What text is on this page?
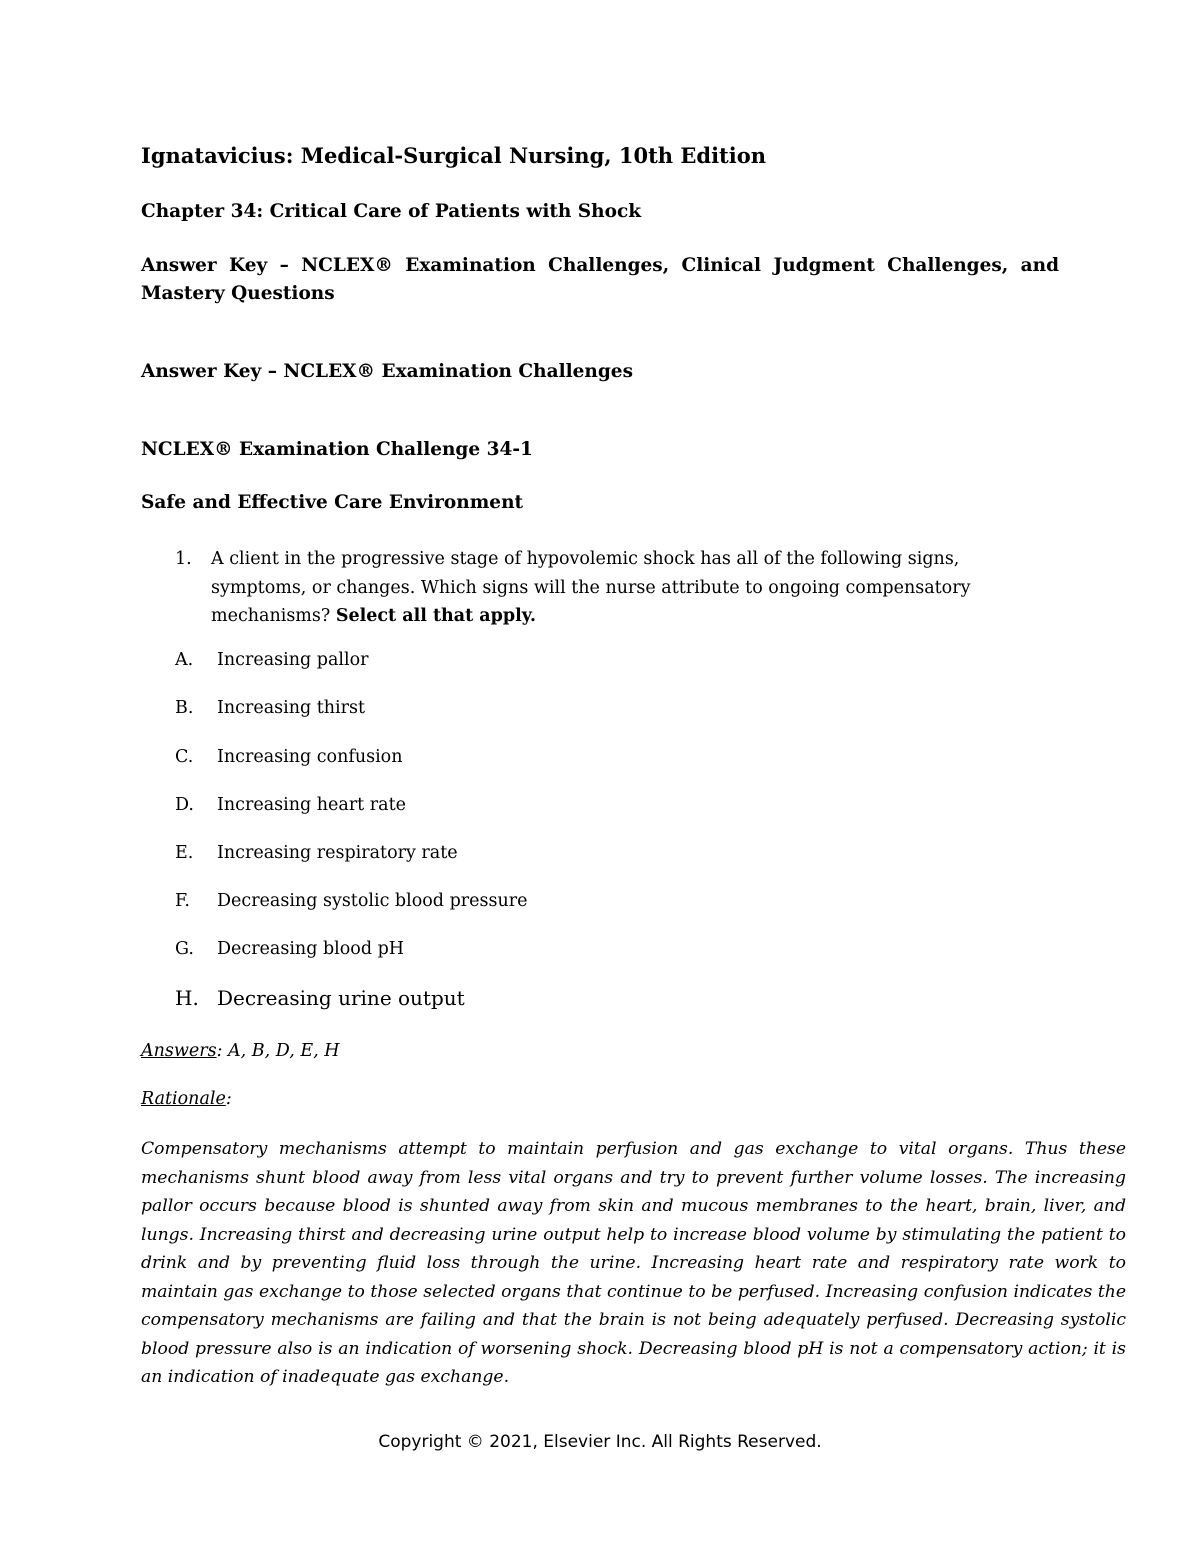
Ignatavicius: Medical-Surgical Nursing, 10th Edition
Chapter 34: Critical Care of Patients with Shock
Answer Key – NCLEX® Examination Challenges, Clinical Judgment Challenges, and Mastery Questions
Answer Key – NCLEX® Examination Challenges
NCLEX® Examination Challenge 34-1
Safe and Effective Care Environment
1. A client in the progressive stage of hypovolemic shock has all of the following signs, symptoms, or changes. Which signs will the nurse attribute to ongoing compensatory mechanisms? Select all that apply.
A. Increasing pallor
B. Increasing thirst
C. Increasing confusion
D. Increasing heart rate
E. Increasing respiratory rate
F. Decreasing systolic blood pressure
G. Decreasing blood pH
H. Decreasing urine output
Answers: A, B, D, E, H
Rationale:
Compensatory mechanisms attempt to maintain perfusion and gas exchange to vital organs. Thus these mechanisms shunt blood away from less vital organs and try to prevent further volume losses. The increasing pallor occurs because blood is shunted away from skin and mucous membranes to the heart, brain, liver, and lungs. Increasing thirst and decreasing urine output help to increase blood volume by stimulating the patient to drink and by preventing fluid loss through the urine. Increasing heart rate and respiratory rate work to maintain gas exchange to those selected organs that continue to be perfused. Increasing confusion indicates the compensatory mechanisms are failing and that the brain is not being adequately perfused. Decreasing systolic blood pressure also is an indication of worsening shock. Decreasing blood pH is not a compensatory action; it is an indication of inadequate gas exchange.
Copyright © 2021, Elsevier Inc. All Rights Reserved.
